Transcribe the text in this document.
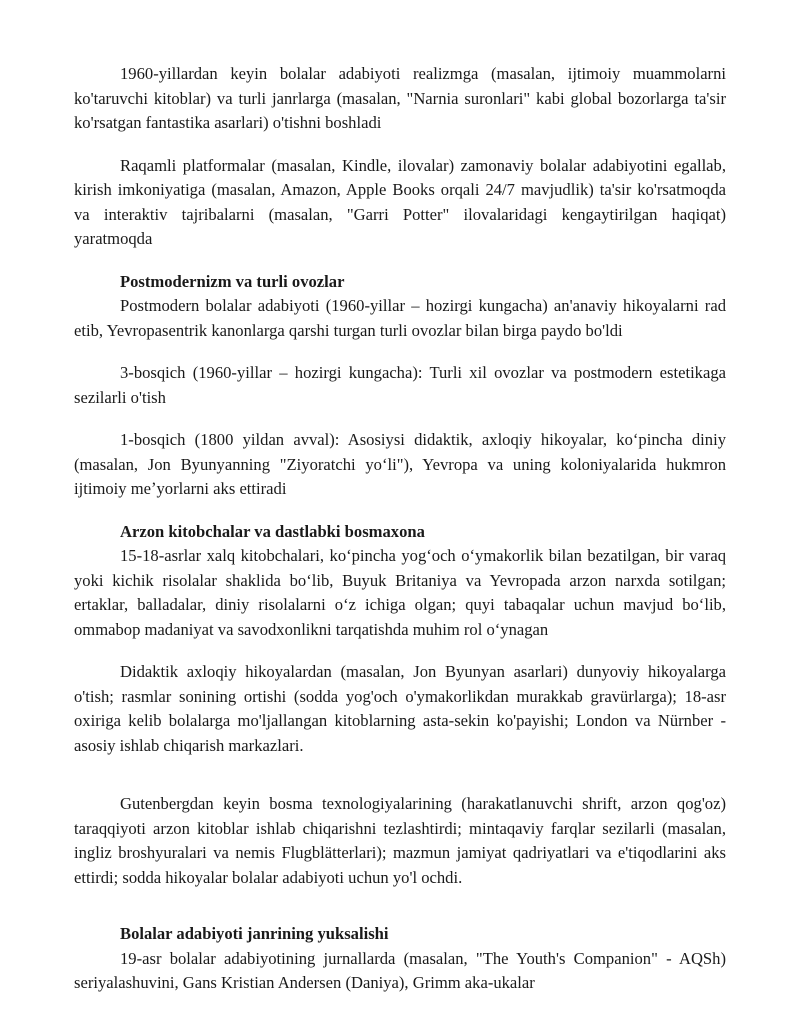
1960-yillardan keyin bolalar adabiyoti realizmga (masalan, ijtimoiy muammolarni ko'taruvchi kitoblar) va turli janrlarga (masalan, "Narnia suronlari" kabi global bozorlarga ta'sir ko'rsatgan fantastika asarlari) o'tishni boshladi

Raqamli platformalar (masalan, Kindle, ilovalar) zamonaviy bolalar adabiyotini egallab, kirish imkoniyatiga (masalan, Amazon, Apple Books orqali 24/7 mavjudlik) ta'sir ko'rsatmoqda va interaktiv tajribalarni (masalan, "Garri Potter" ilovalaridagi kengaytirilgan haqiqat) yaratmoqda

Postmodernizm va turli ovozlar

Postmodern bolalar adabiyoti (1960-yillar – hozirgi kungacha) an'anaviy hikoyalarni rad etib, Yevropasentrik kanonlarga qarshi turgan turli ovozlar bilan birga paydo bo'ldi

3-bosqich (1960-yillar – hozirgi kungacha): Turli xil ovozlar va postmodern estetikaga sezilarli o'tish

1-bosqich (1800 yildan avval): Asosiysi didaktik, axloqiy hikoyalar, koʻpincha diniy (masalan, Jon Byunyanning "Ziyoratchi yoʻli"), Yevropa va uning koloniyalarida hukmron ijtimoiy meʼyorlarni aks ettiradi

Arzon kitobchalar va dastlabki bosmaxona

15-18-asrlar xalq kitobchalari, koʻpincha yogʻoch oʻymakorlik bilan bezatilgan, bir varaq yoki kichik risolalar shaklida boʻlib, Buyuk Britaniya va Yevropada arzon narxda sotilgan; ertaklar, balladalar, diniy risolalarni oʻz ichiga olgan; quyi tabaqalar uchun mavjud boʻlib, ommabop madaniyat va savodxonlikni tarqatishda muhim rol oʻynagan

Didaktik axloqiy hikoyalardan (masalan, Jon Byunyan asarlari) dunyoviy hikoyalarga o'tish; rasmlar sonining ortishi (sodda yog'och o'ymakorlikdan murakkab gravürlarga); 18-asr oxiriga kelib bolalarga mo'ljallangan kitoblarning asta-sekin ko'payishi; London va Nürnber - asosiy ishlab chiqarish markazlari.

Gutenbergdan keyin bosma texnologiyalarining (harakatlanuvchi shrift, arzon qog'oz) taraqqiyoti arzon kitoblar ishlab chiqarishni tezlashtirdi; mintaqaviy farqlar sezilarli (masalan, ingliz broshyuralari va nemis Flugblätterlari); mazmun jamiyat qadriyatlari va e'tiqodlarini aks ettirdi; sodda hikoyalar bolalar adabiyoti uchun yo'l ochdi.

Bolalar adabiyoti janrining yuksalishi

19-asr bolalar adabiyotining jurnallarda (masalan, "The Youth's Companion" - AQSh) seriyalashuvini, Gans Kristian Andersen (Daniya), Grimm aka-ukalar
